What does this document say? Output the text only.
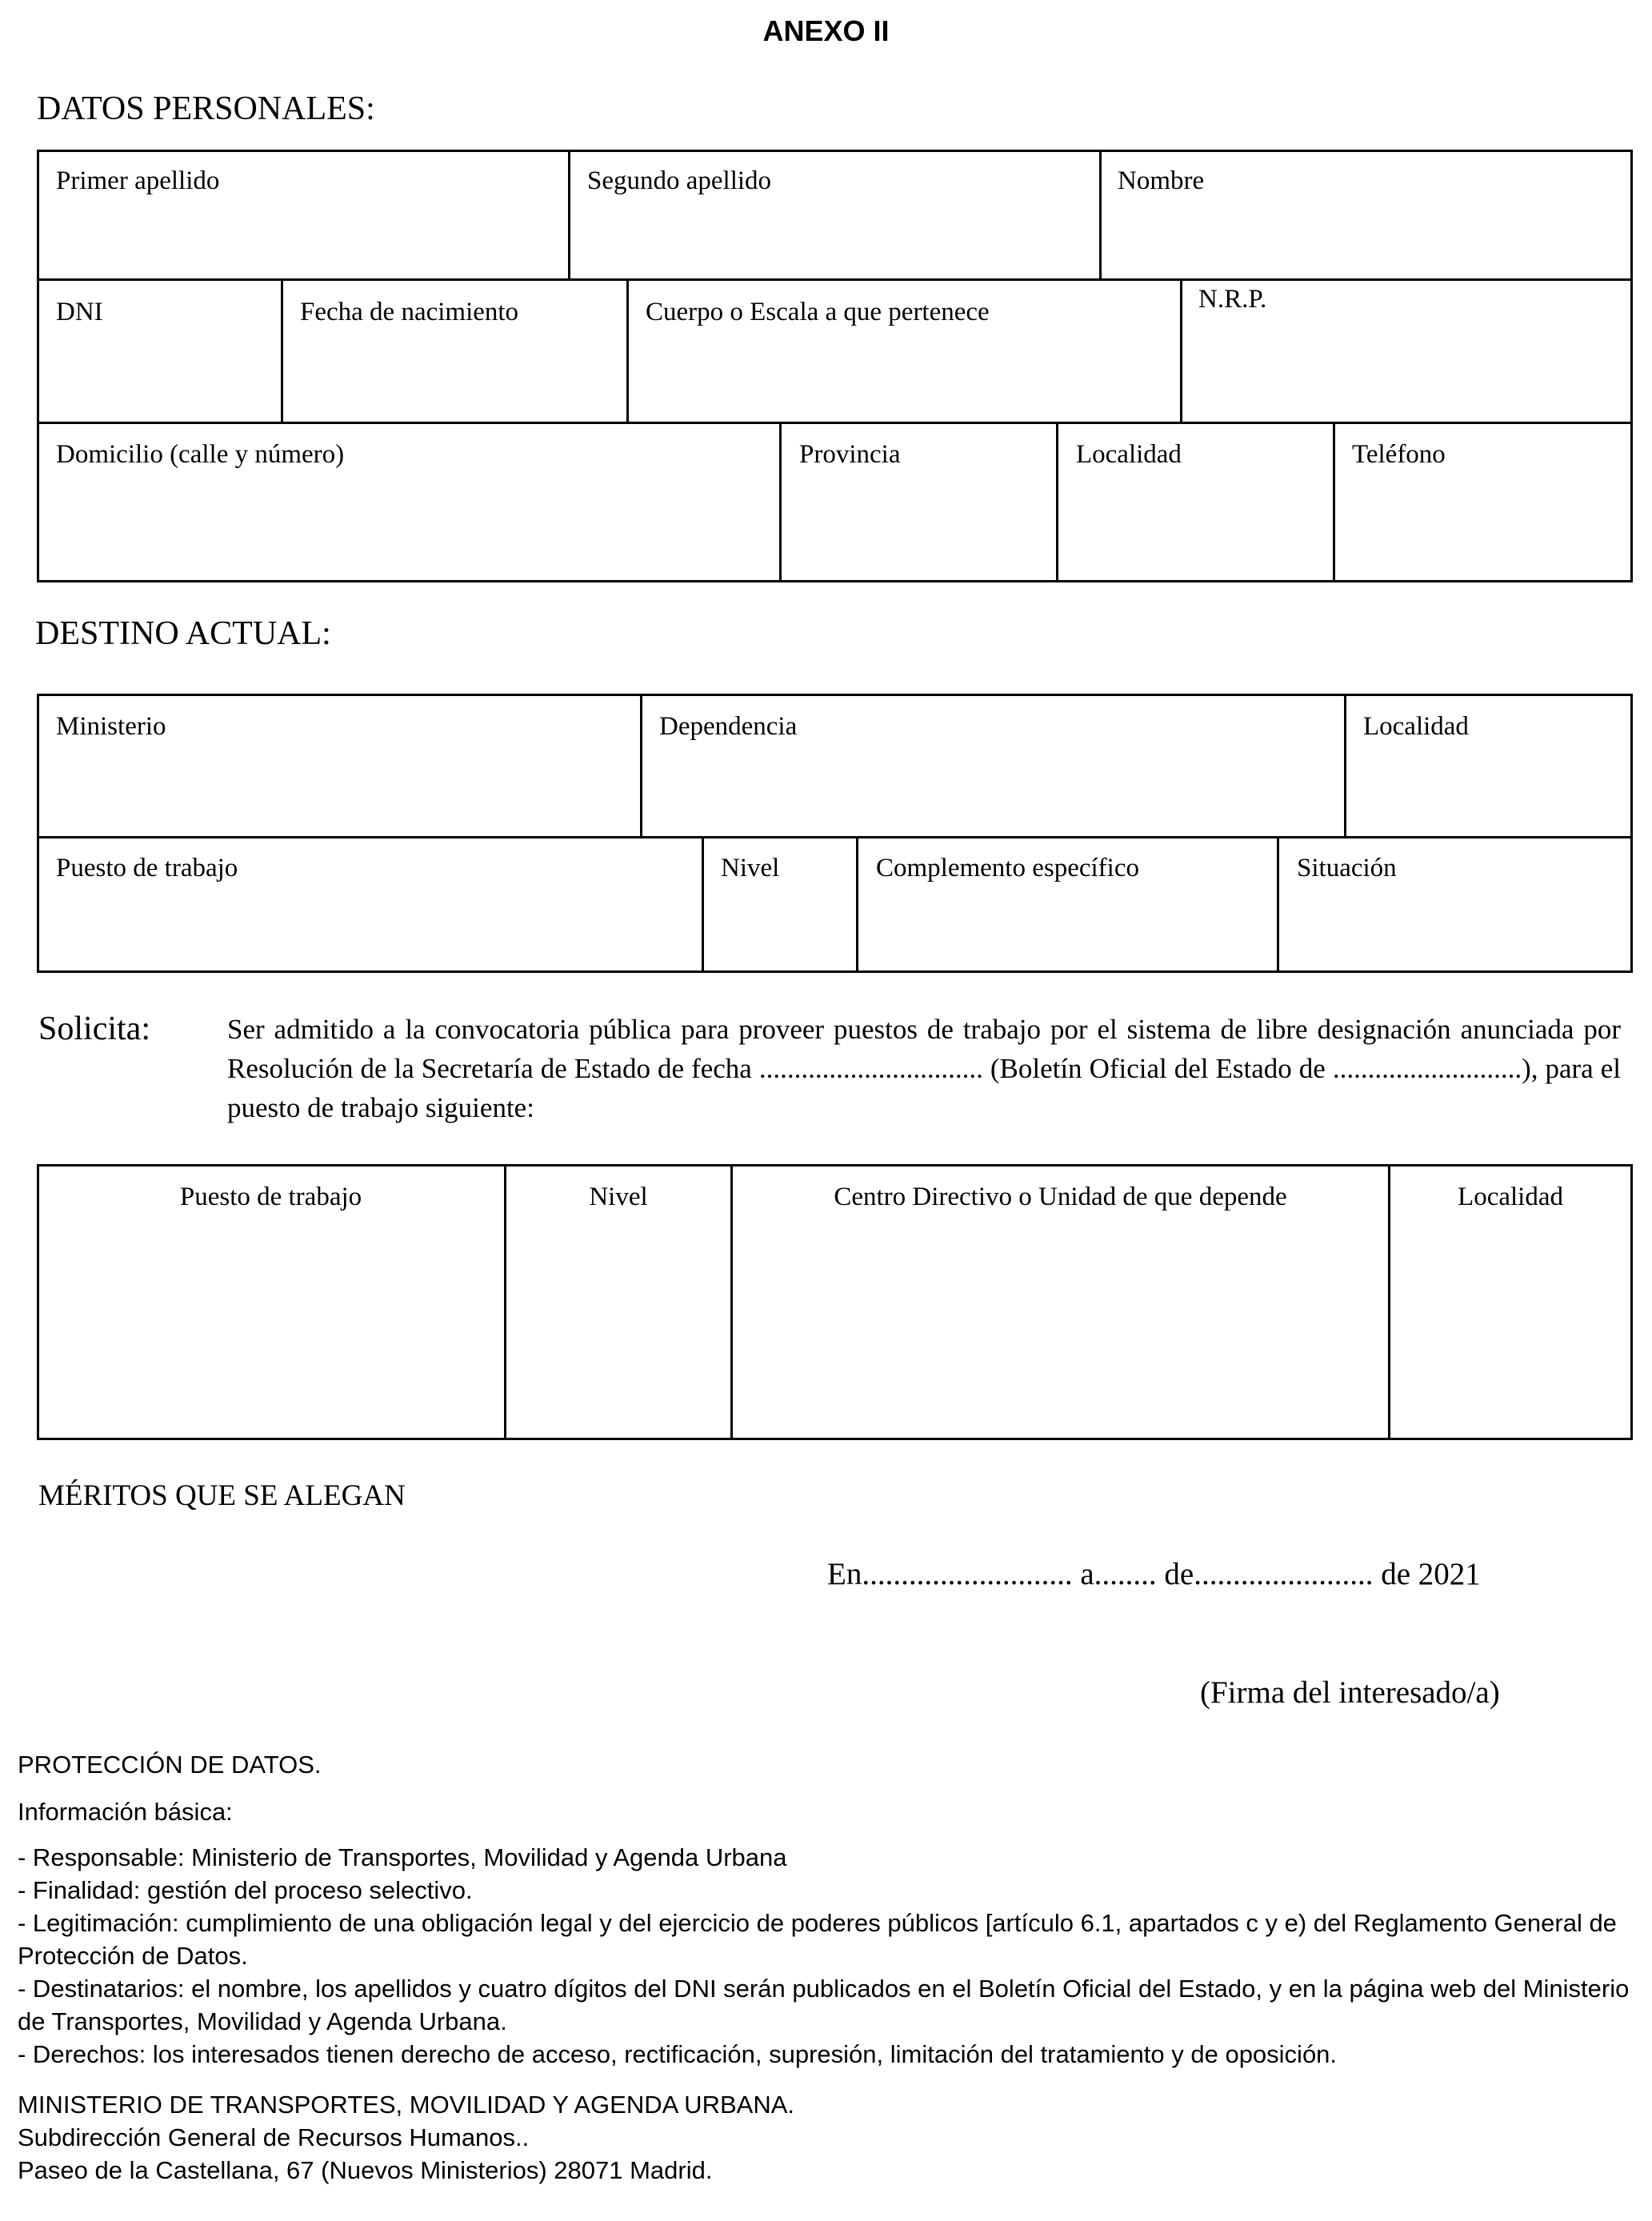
ANEXO II
DATOS PERSONALES:
Primer apellido	Segundo apellido	Nombre
DNI	Fecha de nacimiento	Cuerpo o Escala a que pertenece	N.R.P.
Domicilio (calle y número)	Provincia	Localidad	Teléfono
DESTINO ACTUAL:
Ministerio	Dependencia	Localidad
Puesto de trabajo	Nivel	Complemento específico	Situación
Solicita:	Ser admitido a la convocatoria pública para proveer puestos de trabajo por el sistema de libre designación anunciada por Resolución de la Secretaría de Estado de fecha ................................ (Boletín Oficial del Estado de ...........................), para el puesto de trabajo siguiente:
Puesto de trabajo	Nivel	Centro Directivo o Unidad de que depende	Localidad
MÉRITOS QUE SE ALEGAN
En........................... a........ de....................... de 2021
(Firma del interesado/a)

PROTECCIÓN DE DATOS.

Información básica:

- Responsable: Ministerio de Transportes, Movilidad y Agenda Urbana

- Finalidad: gestión del proceso selectivo.

- Legitimación: cumplimiento de una obligación legal y del ejercicio de poderes públicos [artículo 6.1, apartados c y e) del Reglamento General de Protección de Datos.

- Destinatarios: el nombre, los apellidos y cuatro dígitos del DNI serán publicados en el Boletín Oficial del Estado, y en la página web del Ministerio de Transportes, Movilidad y Agenda Urbana.

- Derechos: los interesados tienen derecho de acceso, rectificación, supresión, limitación del tratamiento y de oposición.

MINISTERIO DE TRANSPORTES, MOVILIDAD Y AGENDA URBANA.

Subdirección General de Recursos Humanos..

Paseo de la Castellana, 67 (Nuevos Ministerios) 28071 Madrid.
